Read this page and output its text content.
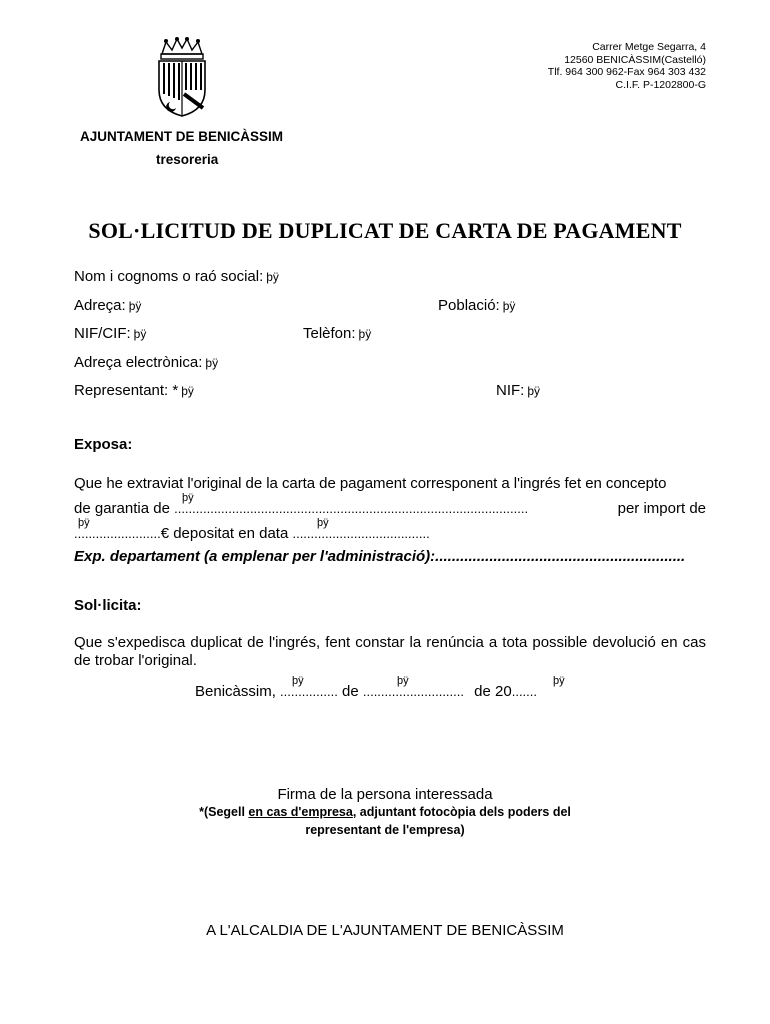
Carrer Metge Segarra, 4
12560 BENICÀSSIM(Castelló)
Tlf. 964 300 962-Fax 964 303 432
C.I.F. P-1202800-G
AJUNTAMENT DE BENICÀSSIM
tresoreria
SOL·LICITUD DE DUPLICAT DE CARTA DE PAGAMENT
Nom i cognoms o raó social: þÿ
Adreça: þÿ	Població: þÿ
NIF/CIF: þÿ	Telèfon: þÿ
Adreça electrònica: þÿ
Representant: * þÿ	NIF: þÿ
Exposa:
Que he extraviat l'original de la carta de pagament corresponent a l'ingrés fet en concepto
de garantia de
þÿ
..................................................................................................	per import de
þÿ
........................€ depositat en data
þÿ
......................................
Exp. departament (a emplenar per l'administració):............................................................
Sol·licita:
Que s'expedisca duplicat de l'ingrés, fent constar la renúncia a tota possible devolució en cas de trobar l'original.
Benicàssim,
þÿ
................ de
þÿ
............................ de 20
þÿ
.......
Firma de la persona interessada
*(Segell en cas d'empresa, adjuntant fotocòpia dels poders del
representant de l'empresa)
A L'ALCALDIA DE L'AJUNTAMENT DE BENICÀSSIM
